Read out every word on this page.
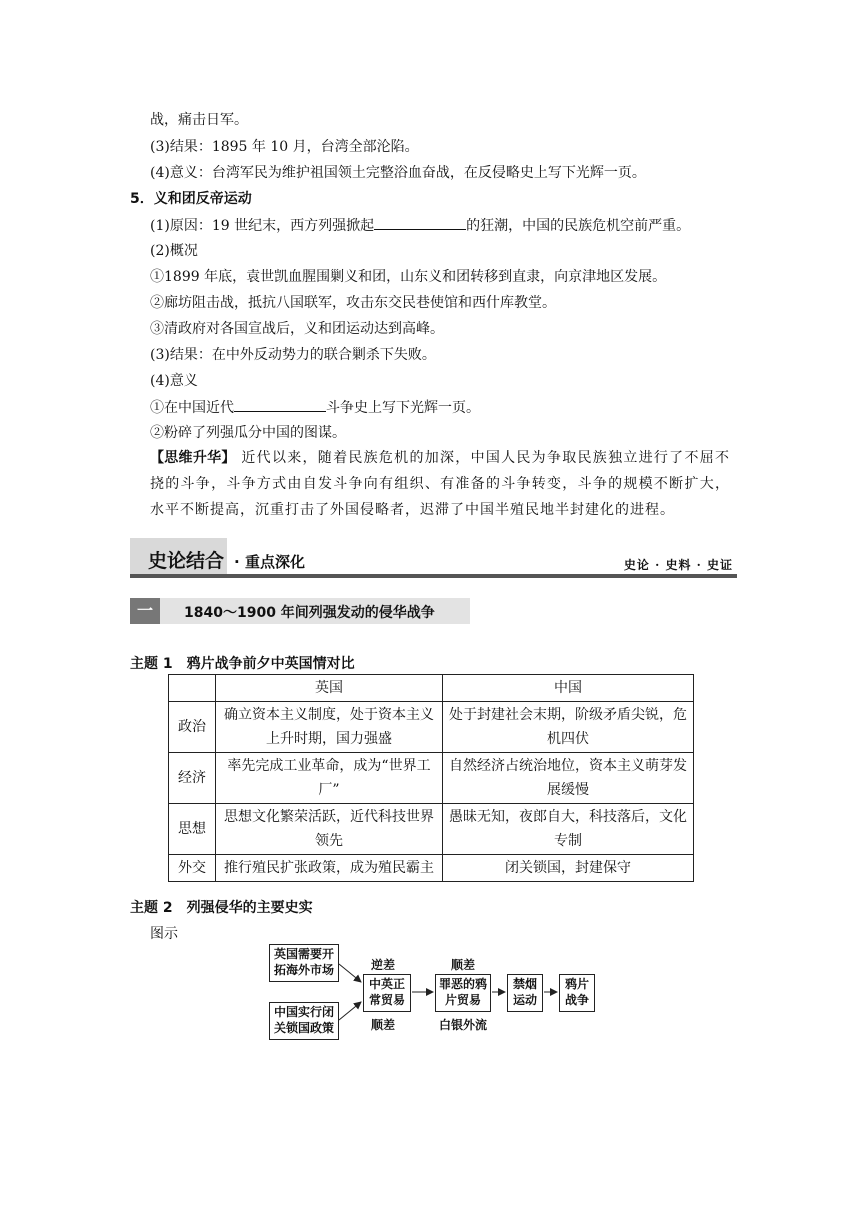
战，痛击日军。
(3)结果：1895 年 10 月，台湾全部沦陷。
(4)意义：台湾军民为维护祖国领土完整浴血奋战，在反侵略史上写下光辉一页。
5．义和团反帝运动
(1)原因：19 世纪末，西方列强掀起	的狂潮，中国的民族危机空前严重。
(2)概况
①1899 年底，袁世凯血腥围剿义和团，山东义和团转移到直隶，向京津地区发展。
②廊坊阻击战，抵抗八国联军，攻击东交民巷使馆和西什库教堂。
③清政府对各国宣战后，义和团运动达到高峰。
(3)结果：在中外反动势力的联合剿杀下失败。
(4)意义
①在中国近代	斗争史上写下光辉一页。
②粉碎了列强瓜分中国的图谋。
【思维升华】 近代以来，随着民族危机的加深，中国人民为争取民族独立进行了不屈不挠的斗争，斗争方式由自发斗争向有组织、有准备的斗争转变，斗争的规模不断扩大，水平不断提高，沉重打击了外国侵略者，迟滞了中国半殖民地半封建化的进程。
史论结合 · 重点深化	史论 · 史料 · 史证
一	1840～1900 年间列强发动的侵华战争
主题 1　鸦片战争前夕中英国情对比
	英国	中国
政治	确立资本主义制度，处于资本主义上升时期，国力强盛	处于封建社会末期，阶级矛盾尖锐，危机四伏
经济	率先完成工业革命，成为“世界工厂”	自然经济占统治地位，资本主义萌芽发展缓慢
思想	思想文化繁荣活跃，近代科技世界领先	愚昧无知，夜郎自大，科技落后，文化专制
外交	推行殖民扩张政策，成为殖民霸主	闭关锁国，封建保守
主题 2　列强侵华的主要史实
图示
英国需要开拓海外市场
中国实行闭关锁国政策
中英正常贸易
罪恶的鸦片贸易
禁烟运动
鸦片战争
逆差
顺差
顺差
白银外流
